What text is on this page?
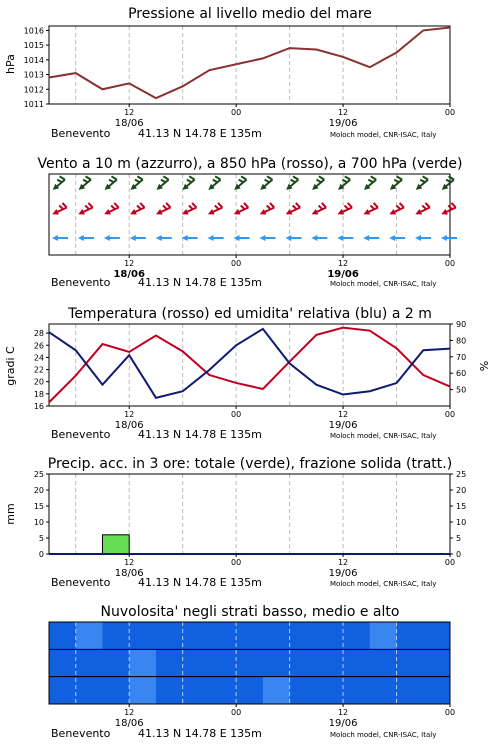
Pressione al livello medio del mare
1011
1012
1013
1014
1015
1016
hPa
12	00	12	00
18/06	19/06
Benevento	41.13 N 14.78 E 135m	Moloch model, CNR-ISAC, Italy
Vento a 10 m (azzurro), a 850 hPa (rosso), a 700 hPa (verde)
12	00	12	00
18/06	19/06
Benevento	41.13 N 14.78 E 135m	Moloch model, CNR-ISAC, Italy
Temperatura (rosso) ed umidita' relativa (blu) a 2 m
16
18
20
22
24
26
28
50
60
70
80
90
gradi C	%
12	00	12	00
18/06	19/06
Benevento	41.13 N 14.78 E 135m	Moloch model, CNR-ISAC, Italy
Precip. acc. in 3 ore: totale (verde), frazione solida (tratt.)
0
5
10
15
20
25
0
5
10
15
20
25
mm
12	00	12	00
18/06	19/06
Benevento	41.13 N 14.78 E 135m	Moloch model, CNR-ISAC, Italy
Nuvolosita' negli strati basso, medio e alto
12	00	12	00
18/06	19/06
Benevento	41.13 N 14.78 E 135m	Moloch model, CNR-ISAC, Italy
